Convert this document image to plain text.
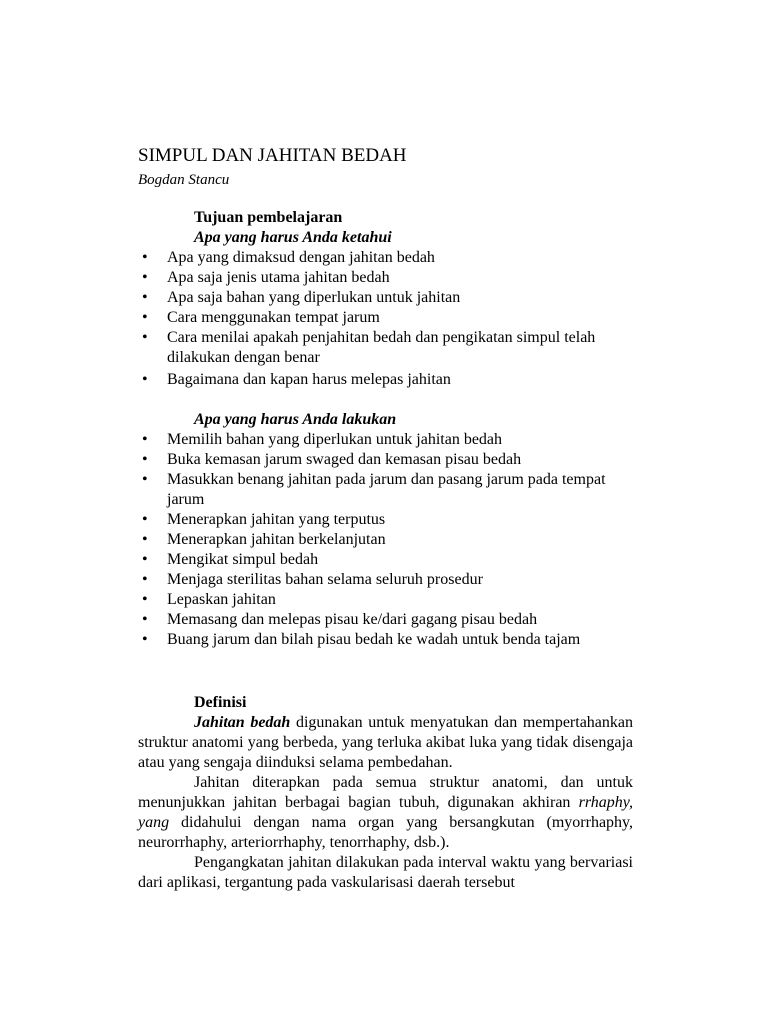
SIMPUL DAN JAHITAN BEDAH
Bogdan Stancu
Tujuan pembelajaran
Apa yang harus Anda ketahui
• Apa yang dimaksud dengan jahitan bedah
• Apa saja jenis utama jahitan bedah
• Apa saja bahan yang diperlukan untuk jahitan
• Cara menggunakan tempat jarum
• Cara menilai apakah penjahitan bedah dan pengikatan simpul telah dilakukan dengan benar
• Bagaimana dan kapan harus melepas jahitan
Apa yang harus Anda lakukan
• Memilih bahan yang diperlukan untuk jahitan bedah
• Buka kemasan jarum swaged dan kemasan pisau bedah
• Masukkan benang jahitan pada jarum dan pasang jarum pada tempat jarum
• Menerapkan jahitan yang terputus
• Menerapkan jahitan berkelanjutan
• Mengikat simpul bedah
• Menjaga sterilitas bahan selama seluruh prosedur
• Lepaskan jahitan
• Memasang dan melepas pisau ke/dari gagang pisau bedah
• Buang jarum dan bilah pisau bedah ke wadah untuk benda tajam
Definisi

Jahitan bedah digunakan untuk menyatukan dan mempertahankan struktur anatomi yang berbeda, yang terluka akibat luka yang tidak disengaja atau yang sengaja diinduksi selama pembedahan.

Jahitan diterapkan pada semua struktur anatomi, dan untuk menunjukkan jahitan berbagai bagian tubuh, digunakan akhiran rrhaphy, yang didahului dengan nama organ yang bersangkutan (myorrhaphy, neurorrhaphy, arteriorrhaphy, tenorrhaphy, dsb.).

Pengangkatan jahitan dilakukan pada interval waktu yang bervariasi dari aplikasi, tergantung pada vaskularisasi daerah tersebut
